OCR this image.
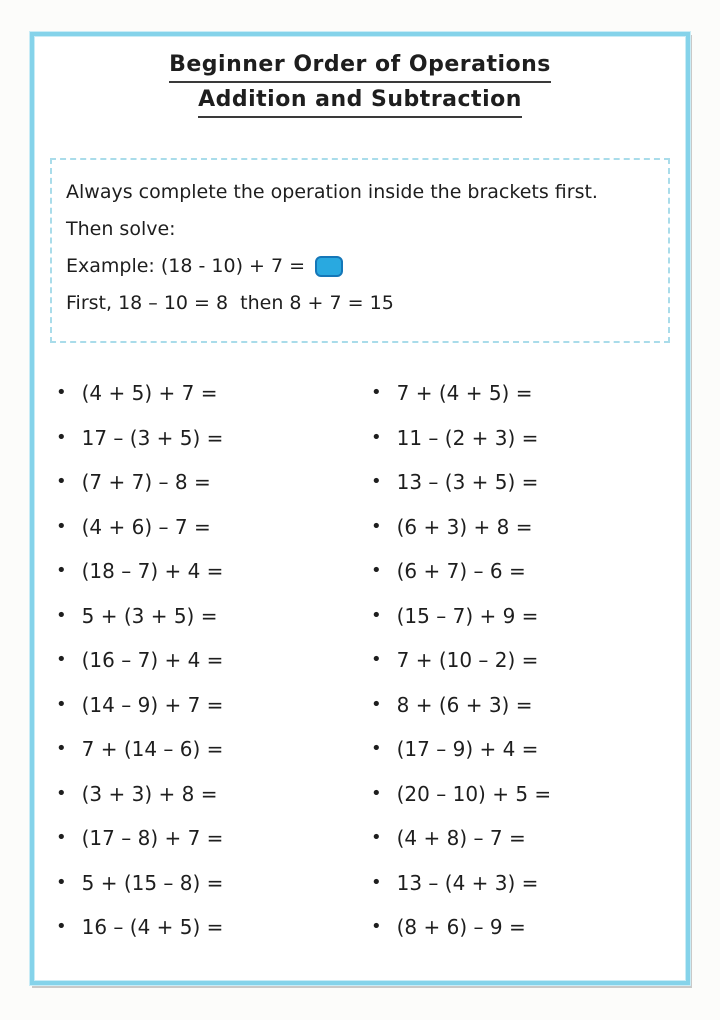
Beginner Order of Operations
Addition and Subtraction

Always complete the operation inside the brackets first.

Then solve:

Example: (18 - 10) + 7 =

First, 18 – 10 = 8  then 8 + 7 = 15

• (4 + 5) + 7 =
• 17 – (3 + 5) =
• (7 + 7) – 8 =
• (4 + 6) – 7 =
• (18 – 7) + 4 =
• 5 + (3 + 5) =
• (16 – 7) + 4 =
• (14 – 9) + 7 =
• 7 + (14 – 6) =
• (3 + 3) + 8 =
• (17 – 8) + 7 =
• 5 + (15 – 8) =
• 16 – (4 + 5) =
• 7 + (4 + 5) =
• 11 – (2 + 3) =
• 13 – (3 + 5) =
• (6 + 3) + 8 =
• (6 + 7) – 6 =
• (15 – 7) + 9 =
• 7 + (10 – 2) =
• 8 + (6 + 3) =
• (17 – 9) + 4 =
• (20 – 10) + 5 =
• (4 + 8) – 7 =
• 13 – (4 + 3) =
• (8 + 6) – 9 =
